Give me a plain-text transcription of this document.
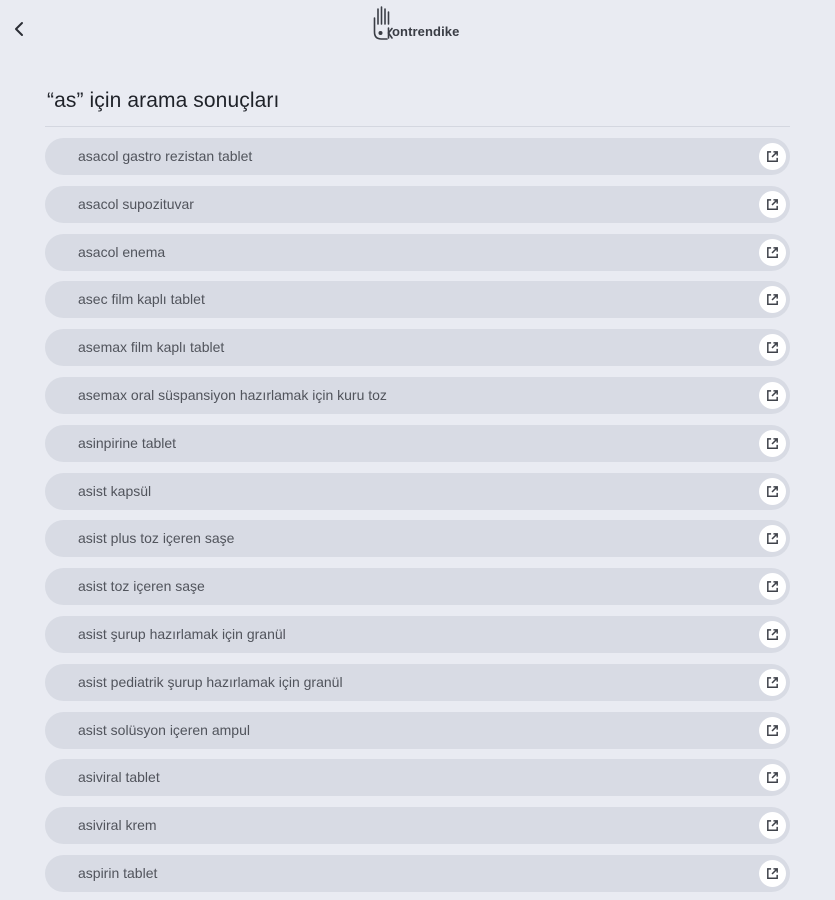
ontrendike
“as” için arama sonuçları
asacol gastro rezistan tablet
asacol supozituvar
asacol enema
asec film kaplı tablet
asemax film kaplı tablet
asemax oral süspansiyon hazırlamak için kuru toz
asinpirine tablet
asist kapsül
asist plus toz içeren saşe
asist toz içeren saşe
asist şurup hazırlamak için granül
asist pediatrik şurup hazırlamak için granül
asist solüsyon içeren ampul
asiviral tablet
asiviral krem
aspirin tablet
